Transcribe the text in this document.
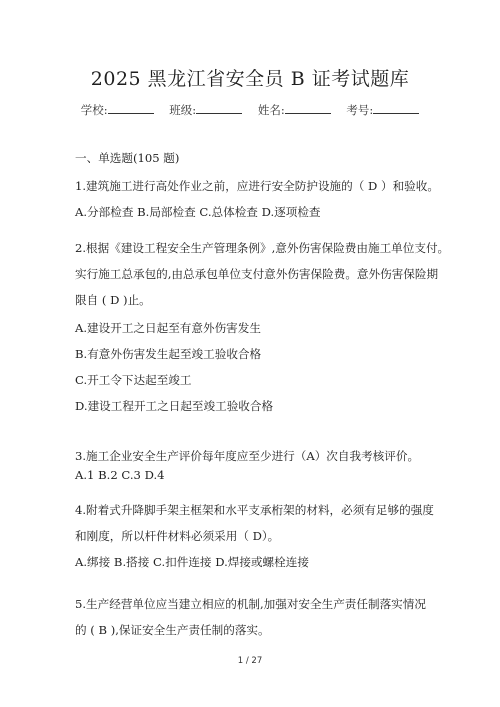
2025 黑龙江省安全员 B 证考试题库
学校:	班级:	姓名:	考号:
一、单选题(105 题)
1.建筑施工进行高处作业之前，应进行安全防护设施的（ D ）和验收。
A.分部检查 B.局部检查 C.总体检查 D.逐项检查
2.根据《建设工程安全生产管理条例》,意外伤害保险费由施工单位支付。
实行施工总承包的,由总承包单位支付意外伤害保险费。意外伤害保险期
限自 ( D )止。
A.建设开工之日起至有意外伤害发生
B.有意外伤害发生起至竣工验收合格
C.开工令下达起至竣工
D.建设工程开工之日起至竣工验收合格
3.施工企业安全生产评价每年度应至少进行（A）次自我考核评价。
A.1 B.2 C.3 D.4
4.附着式升降脚手架主框架和水平支承桁架的材料，必须有足够的强度
和刚度，所以杆件材料必须采用（ D）。
A.绑接 B.搭接 C.扣件连接 D.焊接或螺栓连接
5.生产经营单位应当建立相应的机制,加强对安全生产责任制落实情况
的 ( B ),保证安全生产责任制的落实。
1 / 27
